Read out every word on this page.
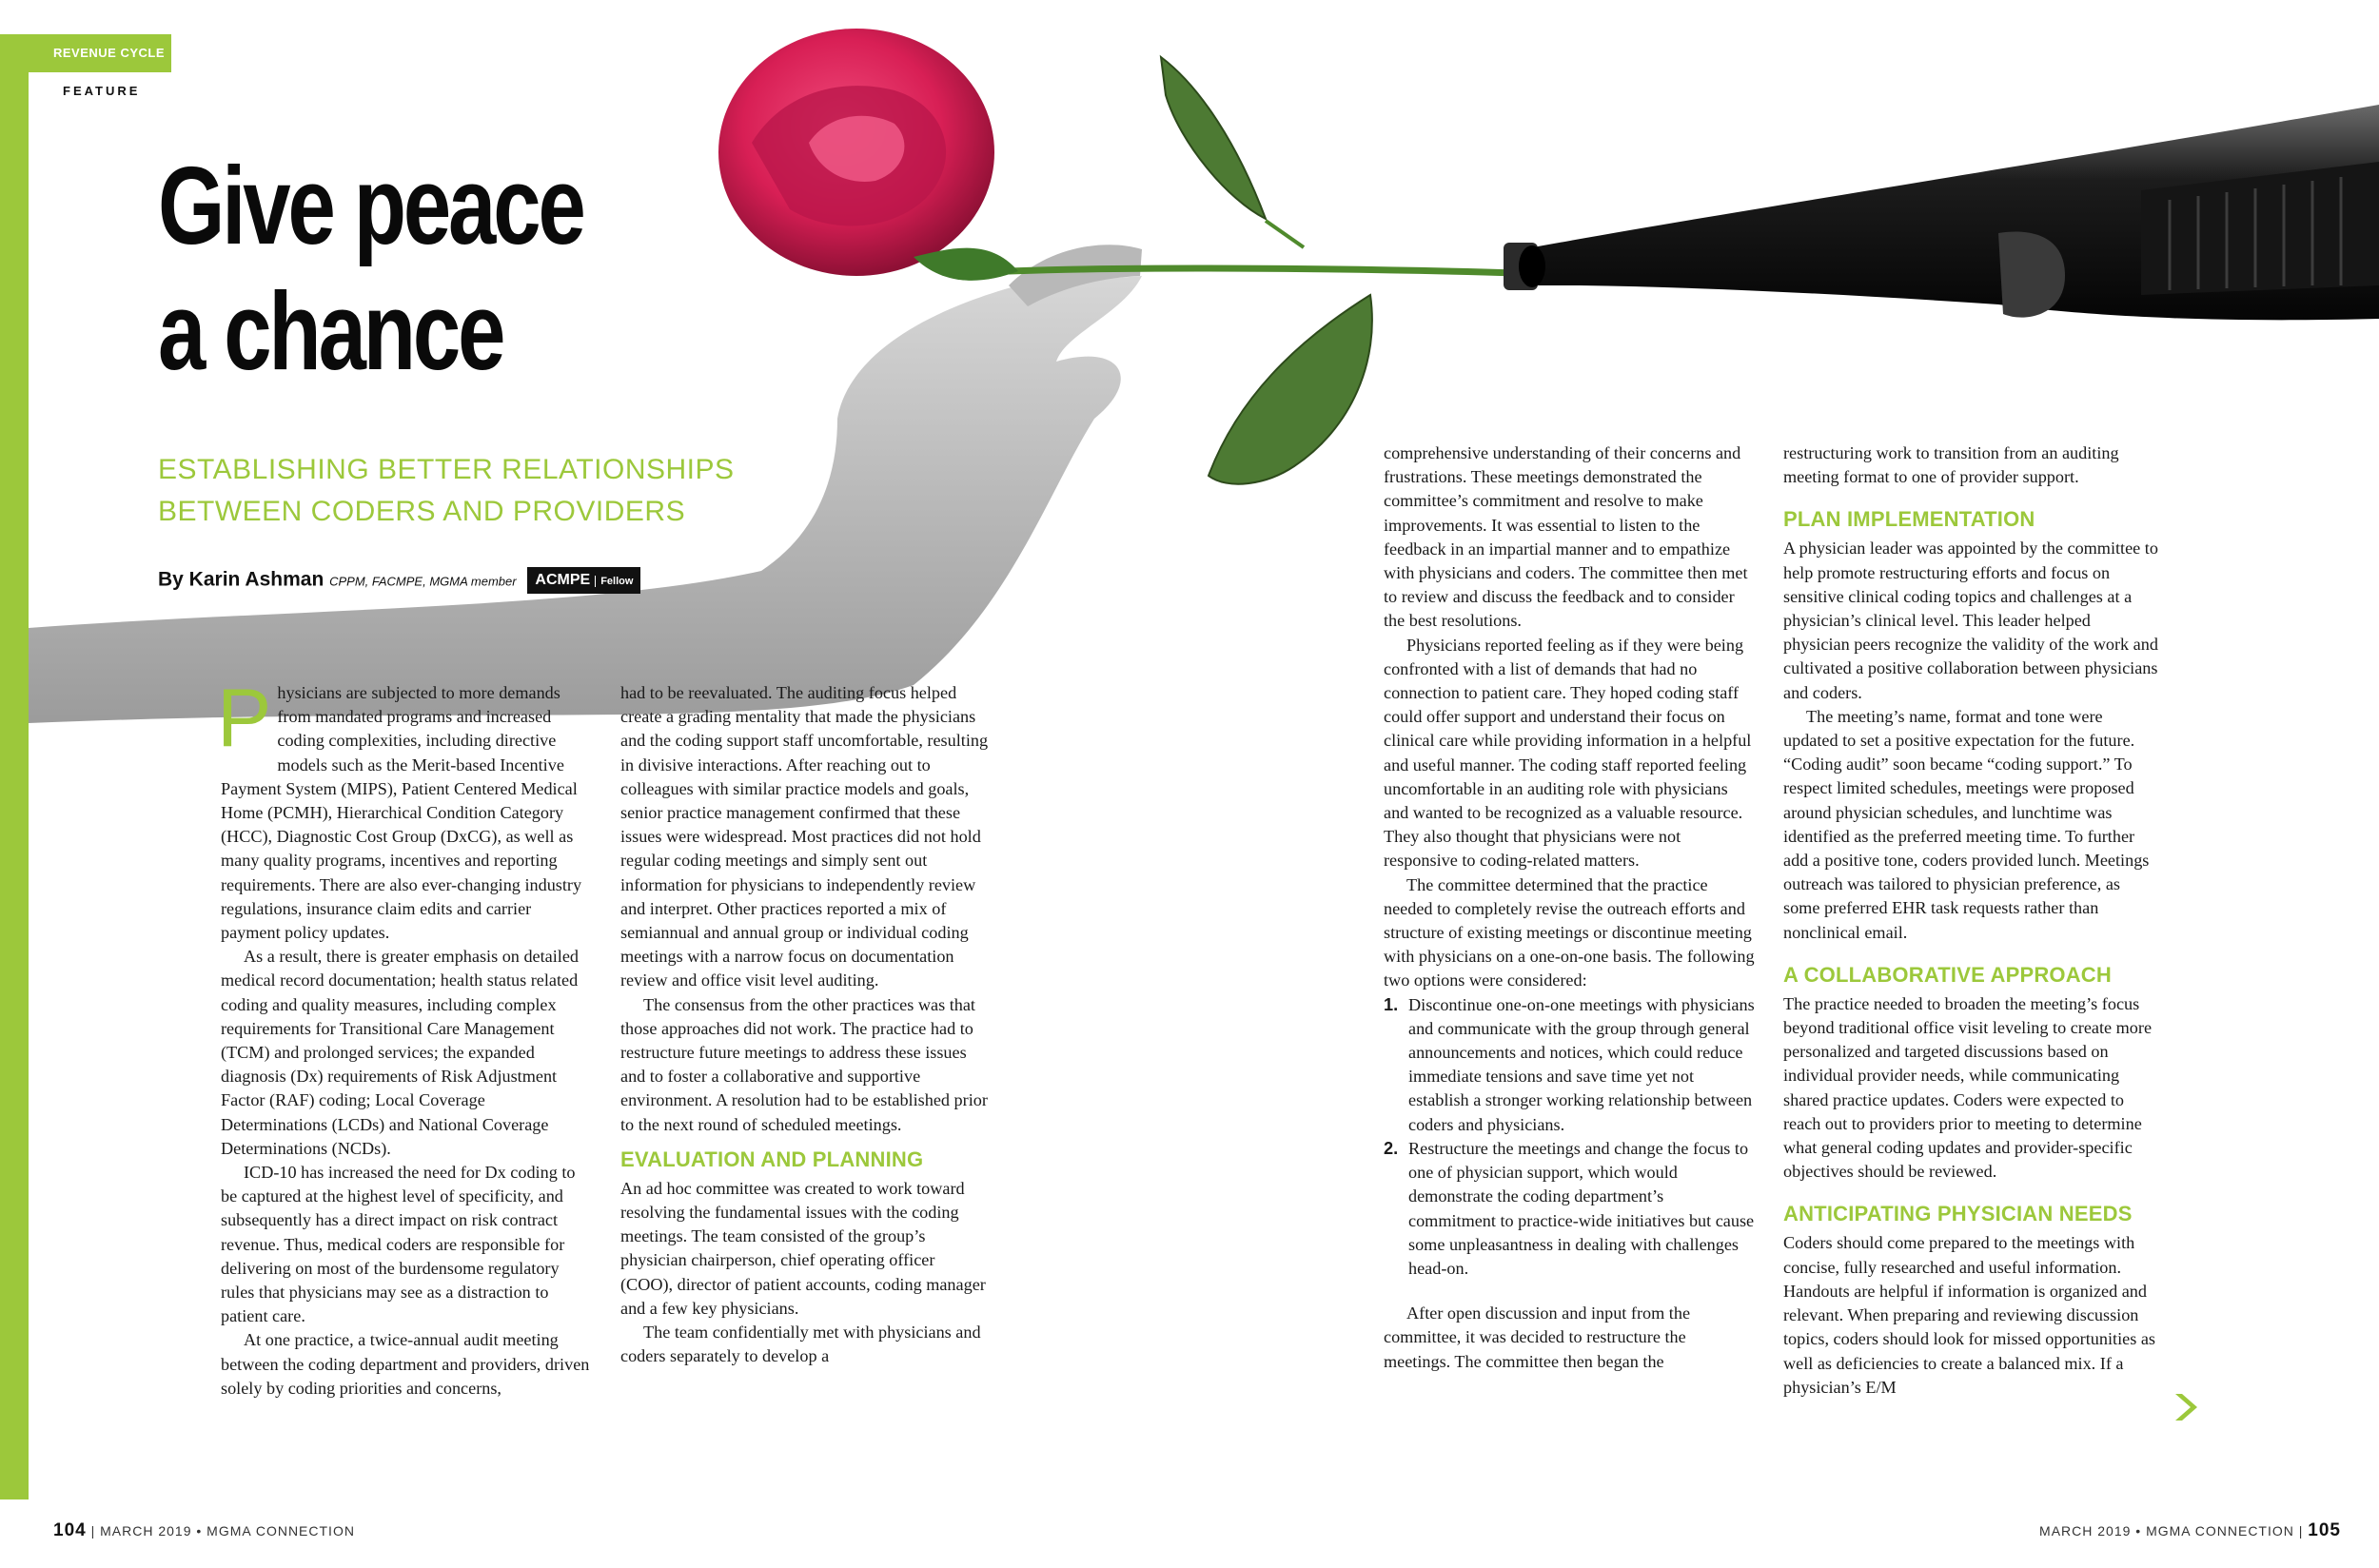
REVENUE CYCLE
FEATURE
Give peace
a chance
ESTABLISHING BETTER RELATIONSHIPS
BETWEEN CODERS AND PROVIDERS
By Karin Ashman CPPM, FACMPE, MGMA member ACMPE Fellow

Physicians are subjected to more demands from mandated programs and increased coding complexities, including directive models such as the Merit-based Incentive Payment System (MIPS), Patient Centered Medical Home (PCMH), Hierarchical Condition Category (HCC), Diagnostic Cost Group (DxCG), as well as many quality programs, incentives and reporting requirements. There are also ever-changing industry regulations, insurance claim edits and carrier payment policy updates.

As a result, there is greater emphasis on detailed medical record documentation; health status related coding and quality measures, including complex requirements for Transitional Care Management (TCM) and prolonged services; the expanded diagnosis (Dx) requirements of Risk Adjustment Factor (RAF) coding; Local Coverage Determinations (LCDs) and National Coverage Determinations (NCDs).

ICD-10 has increased the need for Dx coding to be captured at the highest level of specificity, and subsequently has a direct impact on risk contract revenue. Thus, medical coders are responsible for delivering on most of the burdensome regulatory rules that physicians may see as a distraction to patient care.

At one practice, a twice-annual audit meeting between the coding department and providers, driven solely by coding priorities and concerns,

had to be reevaluated. The auditing focus helped create a grading mentality that made the physicians and the coding support staff uncomfortable, resulting in divisive interactions. After reaching out to colleagues with similar practice models and goals, senior practice management confirmed that these issues were widespread. Most practices did not hold regular coding meetings and simply sent out information for physicians to independently review and interpret. Other practices reported a mix of semiannual and annual group or individual coding meetings with a narrow focus on documentation review and office visit level auditing.

The consensus from the other practices was that those approaches did not work. The practice had to restructure future meetings to address these issues and to foster a collaborative and supportive environment. A resolution had to be established prior to the next round of scheduled meetings.

EVALUATION AND PLANNING

An ad hoc committee was created to work toward resolving the fundamental issues with the coding meetings. The team consisted of the group’s physician chairperson, chief operating officer (COO), director of patient accounts, coding manager and a few key physicians.

The team confidentially met with physicians and coders separately to develop a

comprehensive understanding of their concerns and frustrations. These meetings demonstrated the committee’s commitment and resolve to make improvements. It was essential to listen to the feedback in an impartial manner and to empathize with physicians and coders. The committee then met to review and discuss the feedback and to consider the best resolutions.

Physicians reported feeling as if they were being confronted with a list of demands that had no connection to patient care. They hoped coding staff could offer support and understand their focus on clinical care while providing information in a helpful and useful manner. The coding staff reported feeling uncomfortable in an auditing role with physicians and wanted to be recognized as a valuable resource. They also thought that physicians were not responsive to coding-related matters.

The committee determined that the practice needed to completely revise the outreach efforts and structure of existing meetings or discontinue meeting with physicians on a one-on-one basis. The following two options were considered:

1. Discontinue one-on-one meetings with physicians and communicate with the group through general announcements and notices, which could reduce immediate tensions and save time yet not establish a stronger working relationship between coders and physicians.
2. Restructure the meetings and change the focus to one of physician support, which would demonstrate the coding department’s commitment to practice-wide initiatives but cause some unpleasantness in dealing with challenges head-on.

After open discussion and input from the committee, it was decided to restructure the meetings. The committee then began the

restructuring work to transition from an auditing meeting format to one of provider support.

PLAN IMPLEMENTATION

A physician leader was appointed by the committee to help promote restructuring efforts and focus on sensitive clinical coding topics and challenges at a physician’s clinical level. This leader helped physician peers recognize the validity of the work and cultivated a positive collaboration between physicians and coders.

The meeting’s name, format and tone were updated to set a positive expectation for the future. “Coding audit” soon became “coding support.” To respect limited schedules, meetings were proposed around physician schedules, and lunchtime was identified as the preferred meeting time. To further add a positive tone, coders provided lunch. Meetings outreach was tailored to physician preference, as some preferred EHR task requests rather than nonclinical email.

A COLLABORATIVE APPROACH

The practice needed to broaden the meeting’s focus beyond traditional office visit leveling to create more personalized and targeted discussions based on individual provider needs, while communicating shared practice updates. Coders were expected to reach out to providers prior to meeting to determine what general coding updates and provider-specific objectives should be reviewed.

ANTICIPATING PHYSICIAN NEEDS

Coders should come prepared to the meetings with concise, fully researched and useful information. Handouts are helpful if information is organized and relevant. When preparing and reviewing discussion topics, coders should look for missed opportunities as well as deficiencies to create a balanced mix. If a physician’s E/M

104 | MARCH 2019 • MGMA CONNECTION	MARCH 2019 • MGMA CONNECTION | 105
